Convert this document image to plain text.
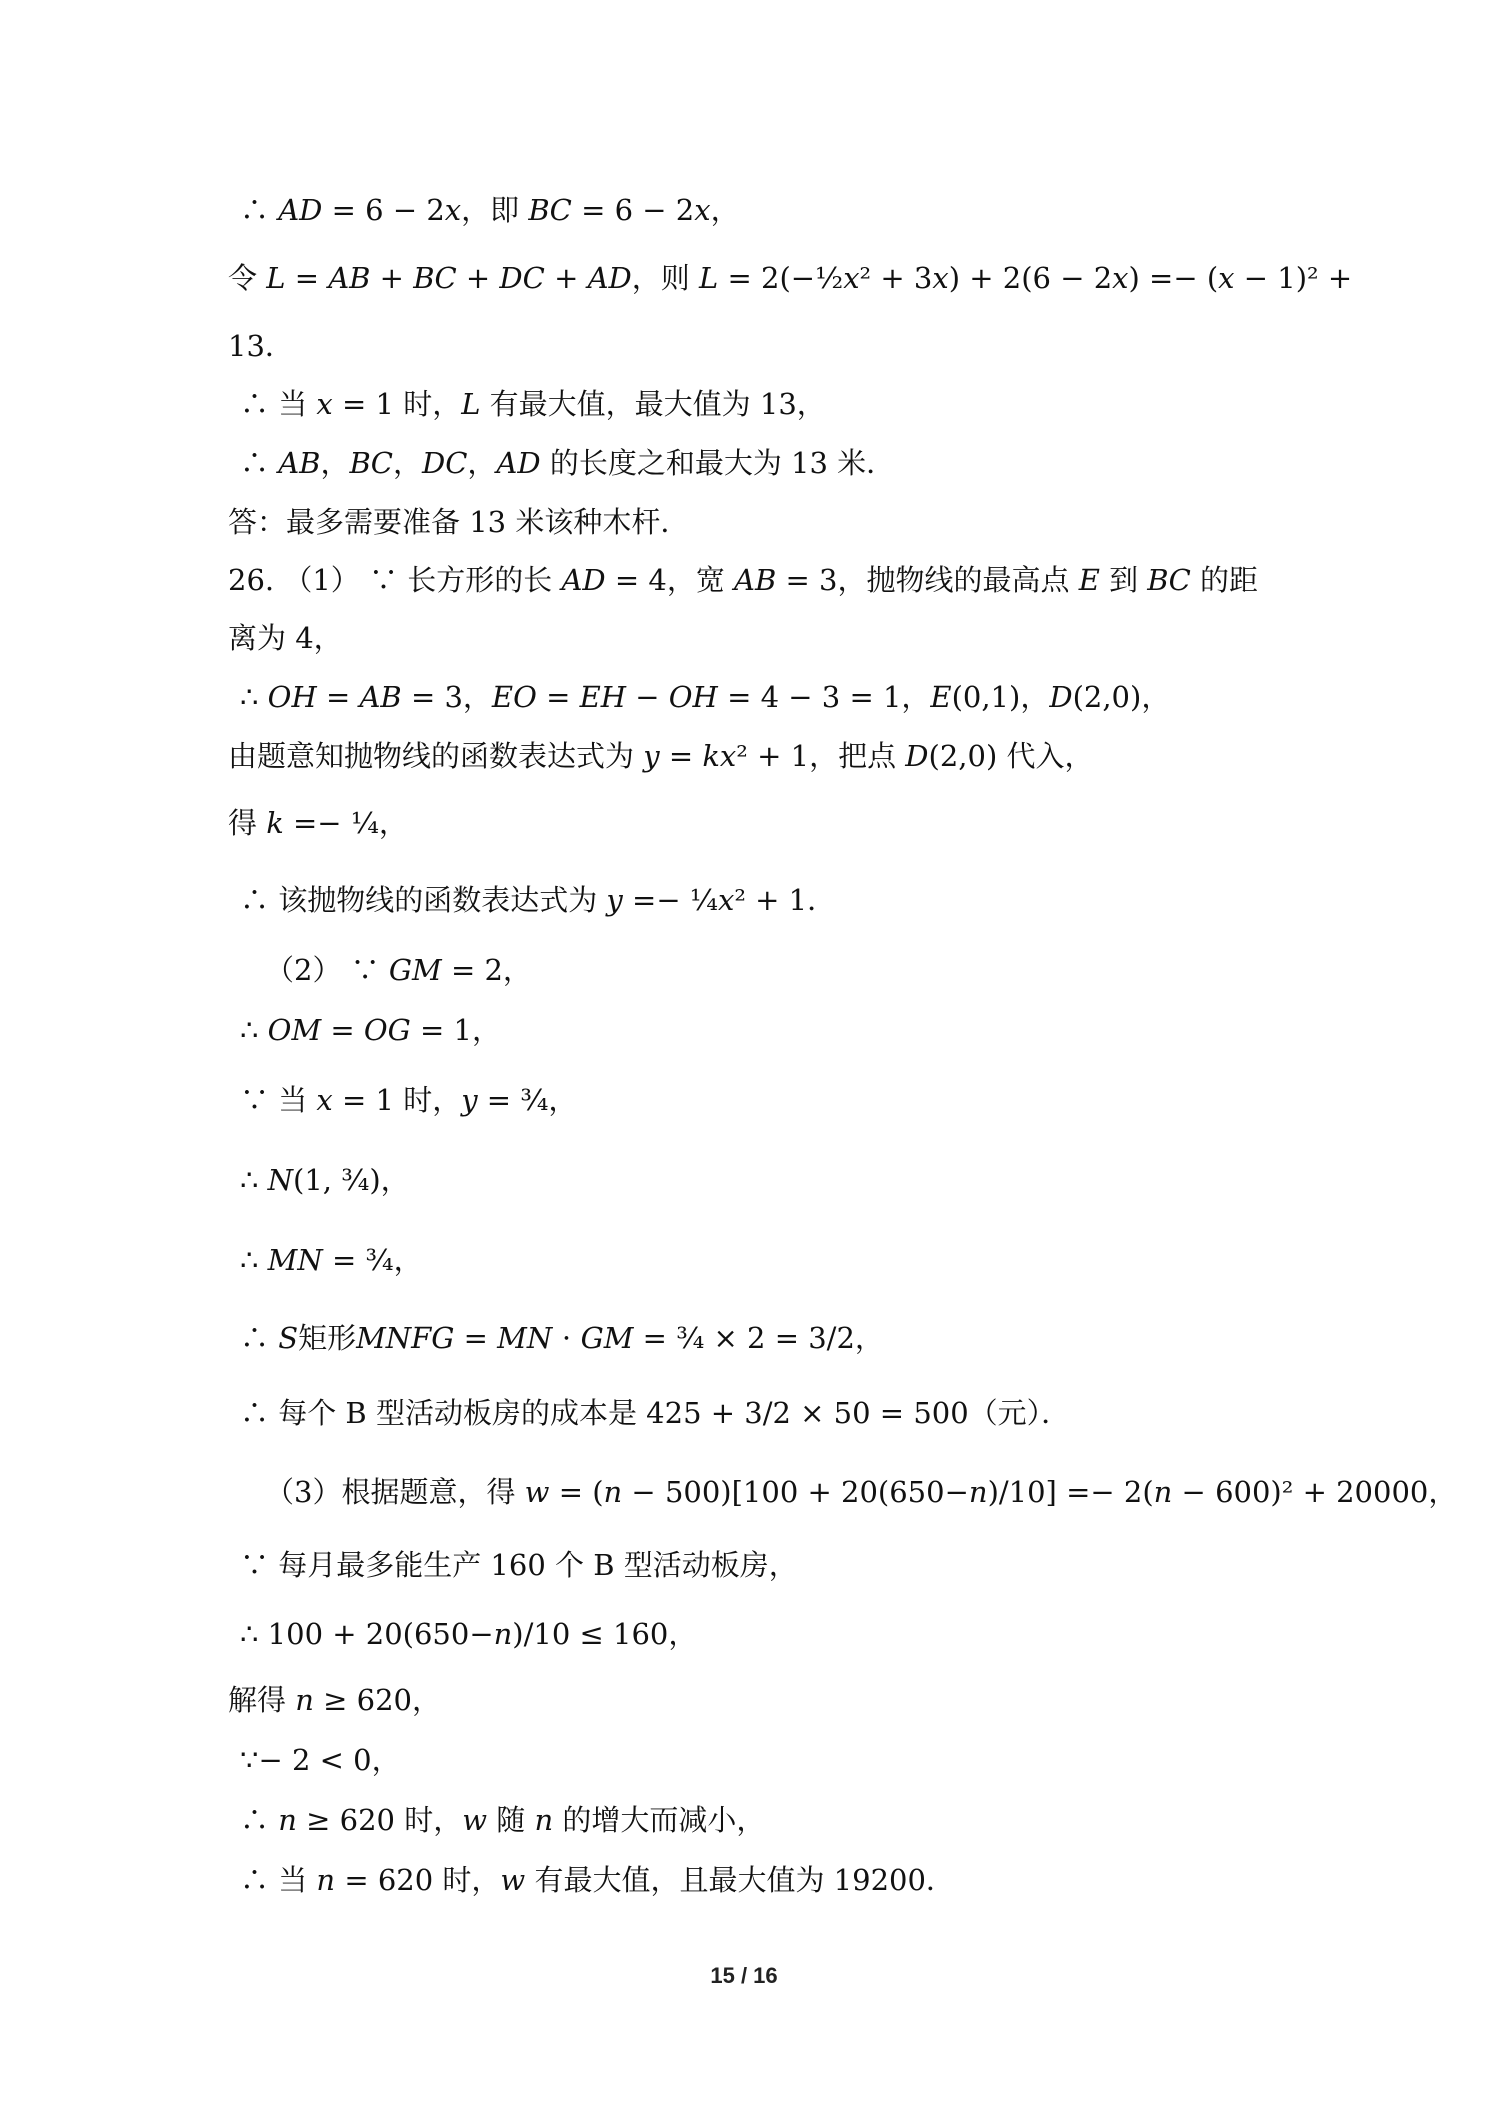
∴ 𝐴𝐷 = 6 − 2𝑥，即 𝐵𝐶 = 6 − 2𝑥，
令 𝐿 = 𝐴𝐵 + 𝐵𝐶 + 𝐷𝐶 + 𝐴𝐷，则 𝐿 = 2(−½𝑥² + 3𝑥) + 2(6 − 2𝑥) =− (𝑥 − 1)² +
13．
∴ 当 𝑥 = 1 时，𝐿 有最大值，最大值为 13，
∴ 𝐴𝐵，𝐵𝐶，𝐷𝐶，𝐴𝐷 的长度之和最大为 13 米．
答：最多需要准备 13 米该种木杆．
26. （1） ∵ 长方形的长 𝐴𝐷 = 4，宽 𝐴𝐵 = 3，抛物线的最高点 𝐸 到 𝐵𝐶 的距
离为 4，
∴ 𝑂𝐻 = 𝐴𝐵 = 3，𝐸𝑂 = 𝐸𝐻 − 𝑂𝐻 = 4 − 3 = 1，𝐸(0,1)，𝐷(2,0)，
由题意知抛物线的函数表达式为 𝑦 = 𝑘𝑥² + 1，把点 𝐷(2,0) 代入，
得 𝑘 =− ¼，
∴ 该抛物线的函数表达式为 𝑦 =− ¼𝑥² + 1．
（2） ∵ 𝐺𝑀 = 2，
∴ 𝑂𝑀 = 𝑂𝐺 = 1，
∵ 当 𝑥 = 1 时，𝑦 = ¾，
∴ 𝑁(1, ¾)，
∴ 𝑀𝑁 = ¾，
∴ 𝑆矩形𝑀𝑁𝐹𝐺 = 𝑀𝑁 ⋅ 𝐺𝑀 = ¾ × 2 = 3/2，
∴ 每个 B 型活动板房的成本是 425 + 3/2 × 50 = 500（元）．
（3）根据题意，得 𝑤 = (𝑛 − 500)[100 + 20(650−𝑛)/10] =− 2(𝑛 − 600)² + 20000，
∵ 每月最多能生产 160 个 B 型活动板房，
∴ 100 + 20(650−𝑛)/10 ≤ 160，
解得 𝑛 ≥ 620，
∵− 2 < 0，
∴ 𝑛 ≥ 620 时，𝑤 随 𝑛 的增大而减小，
∴ 当 𝑛 = 620 时，𝑤 有最大值，且最大值为 19200．
15 / 16
